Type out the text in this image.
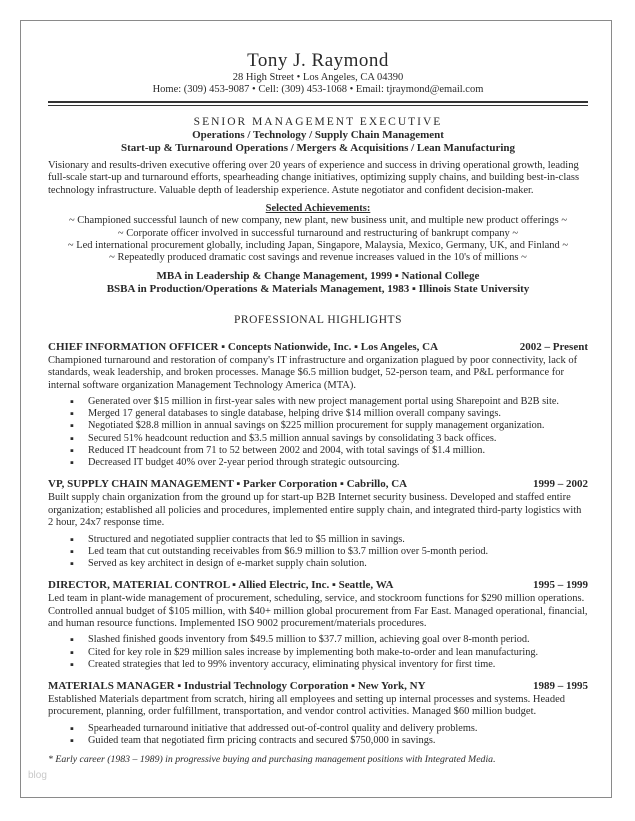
Tony J. Raymond
28 High Street • Los Angeles, CA 04390
Home: (309) 453-9087 • Cell: (309) 453-1068 • Email: tjraymond@email.com
SENIOR MANAGEMENT EXECUTIVE
Operations / Technology / Supply Chain Management
Start-up & Turnaround Operations / Mergers & Acquisitions / Lean Manufacturing
Visionary and results-driven executive offering over 20 years of experience and success in driving operational growth, leading full-scale start-up and turnaround efforts, spearheading change initiatives, optimizing supply chains, and building best-in-class technology infrastructure. Valuable depth of leadership experience. Astute negotiator and confident decision-maker.
Selected Achievements:
~ Championed successful launch of new company, new plant, new business unit, and multiple new product offerings ~
~ Corporate officer involved in successful turnaround and restructuring of bankrupt company ~
~ Led international procurement globally, including Japan, Singapore, Malaysia, Mexico, Germany, UK, and Finland ~
~ Repeatedly produced dramatic cost savings and revenue increases valued in the 10's of millions ~
MBA in Leadership & Change Management, 1999 ▪ National College
BSBA in Production/Operations & Materials Management, 1983 ▪ Illinois State University
PROFESSIONAL HIGHLIGHTS
CHIEF INFORMATION OFFICER ▪ Concepts Nationwide, Inc. ▪ Los Angeles, CA	2002 – Present
Championed turnaround and restoration of company's IT infrastructure and organization plagued by poor connectivity, lack of standards, weak leadership, and broken processes. Manage $6.5 million budget, 52-person team, and P&L performance for internal software organization Management Technology America (MTA).
▪ Generated over $15 million in first-year sales with new project management portal using Sharepoint and B2B site.
▪ Merged 17 general databases to single database, helping drive $14 million overall company savings.
▪ Negotiated $28.8 million in annual savings on $225 million procurement for supply management organization.
▪ Secured 51% headcount reduction and $3.5 million annual savings by consolidating 3 back offices.
▪ Reduced IT headcount from 71 to 52 between 2002 and 2004, with total savings of $1.4 million.
▪ Decreased IT budget 40% over 2-year period through strategic outsourcing.
VP, SUPPLY CHAIN MANAGEMENT ▪ Parker Corporation ▪ Cabrillo, CA	1999 – 2002
Built supply chain organization from the ground up for start-up B2B Internet security business. Developed and staffed entire organization; established all policies and procedures, implemented entire supply chain, and integrated third-party logistics with 2 hour, 24x7 response time.
▪ Structured and negotiated supplier contracts that led to $5 million in savings.
▪ Led team that cut outstanding receivables from $6.9 million to $3.7 million over 5-month period.
▪ Served as key architect in design of e-market supply chain solution.
DIRECTOR, MATERIAL CONTROL ▪ Allied Electric, Inc. ▪ Seattle, WA	1995 – 1999
Led team in plant-wide management of procurement, scheduling, service, and stockroom functions for $290 million operations. Controlled annual budget of $105 million, with $40+ million global procurement from Far East. Managed operational, financial, and human resource functions. Implemented ISO 9002 procurement/materials procedures.
▪ Slashed finished goods inventory from $49.5 million to $37.7 million, achieving goal over 8-month period.
▪ Cited for key role in $29 million sales increase by implementing both make-to-order and lean manufacturing.
▪ Created strategies that led to 99% inventory accuracy, eliminating physical inventory for first time.
MATERIALS MANAGER ▪ Industrial Technology Corporation ▪ New York, NY	1989 – 1995
Established Materials department from scratch, hiring all employees and setting up internal processes and systems. Headed procurement, planning, order fulfillment, transportation, and vendor control activities. Managed $60 million budget.
▪ Spearheaded turnaround initiative that addressed out-of-control quality and delivery problems.
▪ Guided team that negotiated firm pricing contracts and secured $750,000 in savings.
* Early career (1983 – 1989) in progressive buying and purchasing management positions with Integrated Media.
blog
